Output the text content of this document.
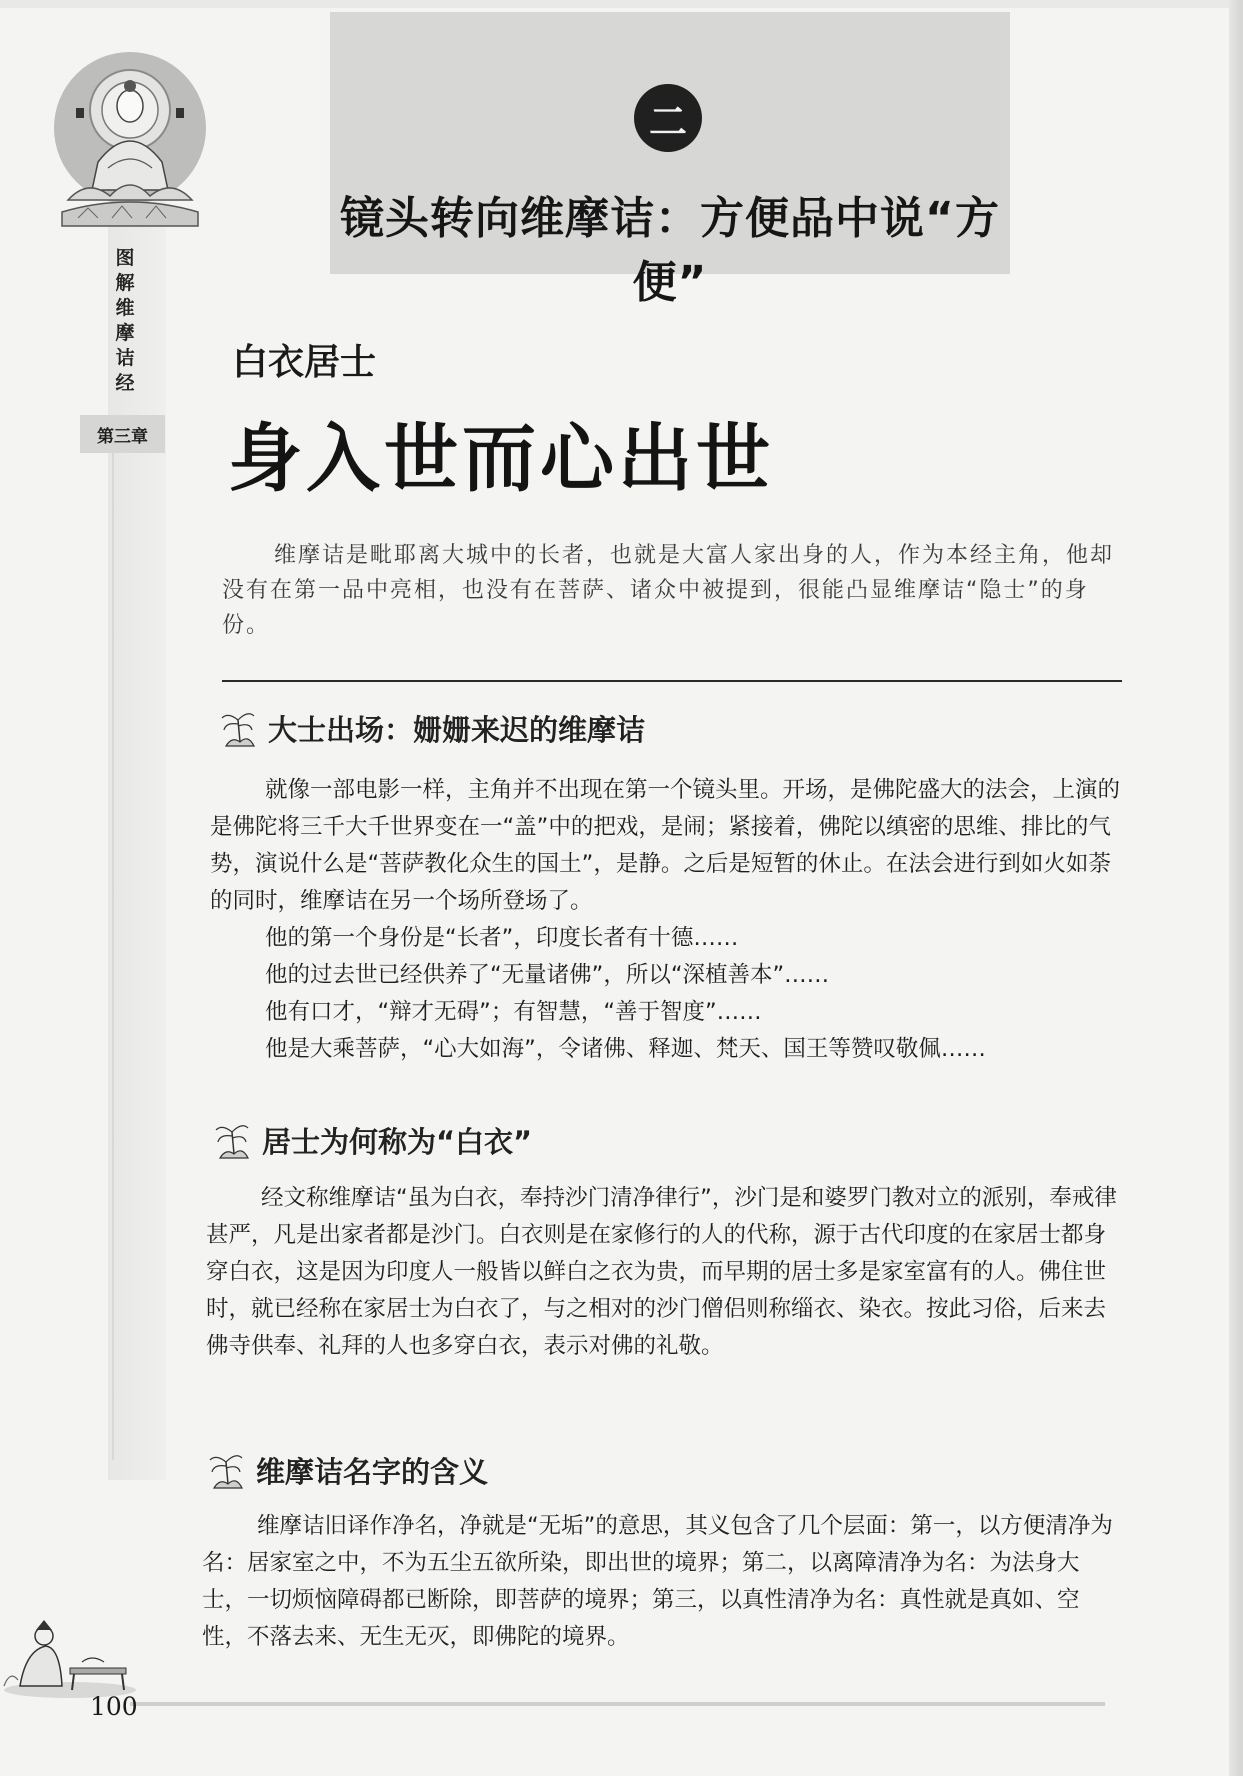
图
解
维
摩
诘
经
第三章
二
镜头转向维摩诘：方便品中说“方便”
白衣居士
身入世而心出世
维摩诘是毗耶离大城中的长者，也就是大富人家出身的人，作为本经主角，他却没有在第一品中亮相，也没有在菩萨、诸众中被提到，很能凸显维摩诘“隐士”的身份。
大士出场：姗姗来迟的维摩诘

就像一部电影一样，主角并不出现在第一个镜头里。开场，是佛陀盛大的法会，上演的是佛陀将三千大千世界变在一“盖”中的把戏，是闹；紧接着，佛陀以缜密的思维、排比的气势，演说什么是“菩萨教化众生的国土”，是静。之后是短暂的休止。在法会进行到如火如荼的同时，维摩诘在另一个场所登场了。

他的第一个身份是“长者”，印度长者有十德……

他的过去世已经供养了“无量诸佛”，所以“深植善本”……

他有口才，“辩才无碍”；有智慧，“善于智度”……

他是大乘菩萨，“心大如海”，令诸佛、释迦、梵天、国王等赞叹敬佩……

居士为何称为“白衣”

经文称维摩诘“虽为白衣，奉持沙门清净律行”，沙门是和婆罗门教对立的派别，奉戒律甚严，凡是出家者都是沙门。白衣则是在家修行的人的代称，源于古代印度的在家居士都身穿白衣，这是因为印度人一般皆以鲜白之衣为贵，而早期的居士多是家室富有的人。佛住世时，就已经称在家居士为白衣了，与之相对的沙门僧侣则称缁衣、染衣。按此习俗，后来去佛寺供奉、礼拜的人也多穿白衣，表示对佛的礼敬。

维摩诘名字的含义

维摩诘旧译作净名，净就是“无垢”的意思，其义包含了几个层面：第一，以方便清净为名：居家室之中，不为五尘五欲所染，即出世的境界；第二，以离障清净为名：为法身大士，一切烦恼障碍都已断除，即菩萨的境界；第三，以真性清净为名：真性就是真如、空性，不落去来、无生无灭，即佛陀的境界。

100
